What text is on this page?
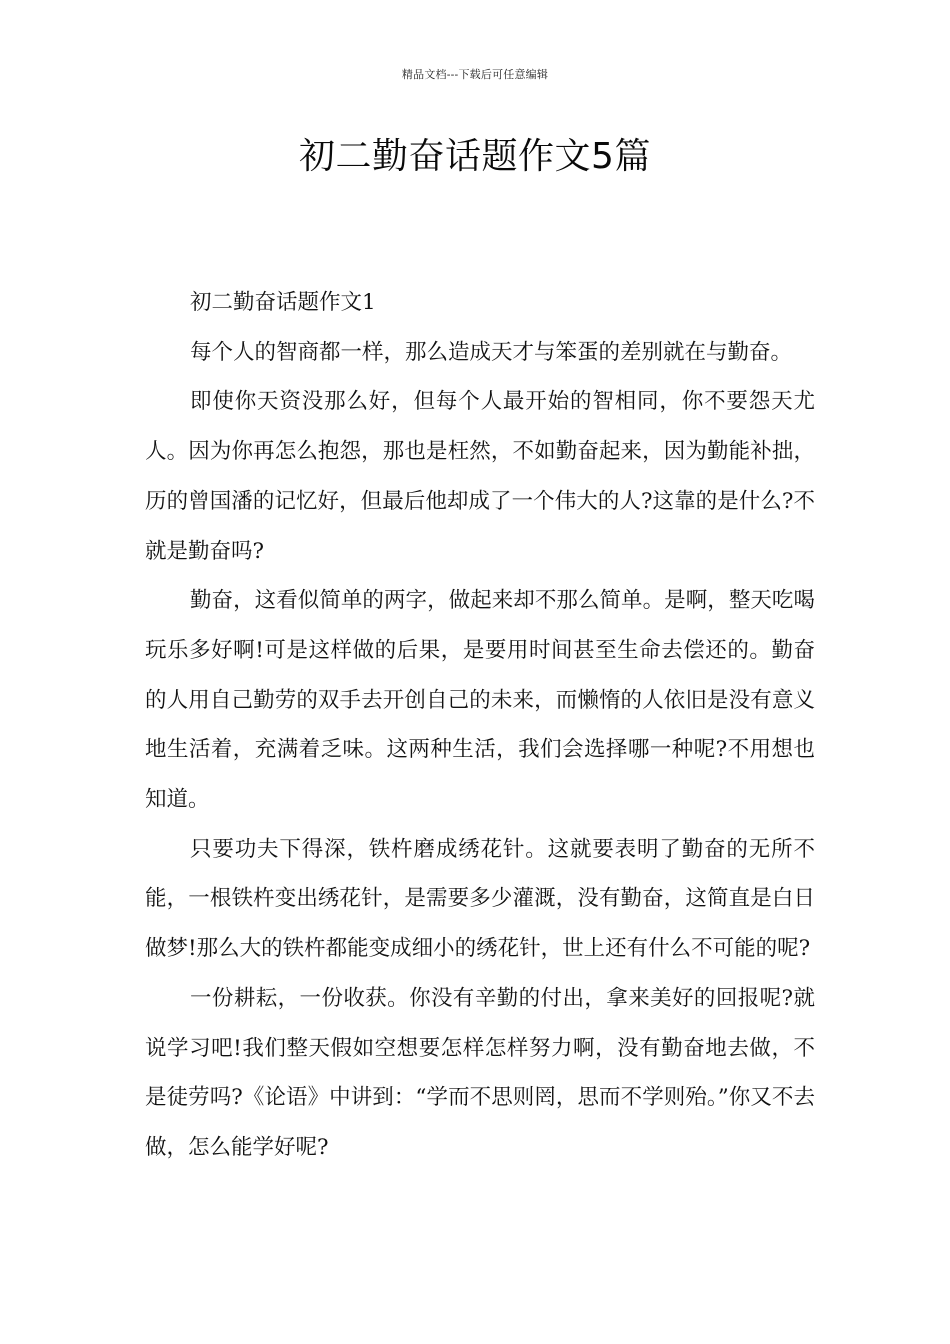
精品文档---下载后可任意编辑
初二勤奋话题作文5篇

初二勤奋话题作文1

每个人的智商都一样，那么造成天才与笨蛋的差别就在与勤奋。

即使你天资没那么好，但每个人最开始的智相同，你不要怨天尤人。因为你再怎么抱怨，那也是枉然，不如勤奋起来，因为勤能补拙，历的曾国潘的记忆好，但最后他却成了一个伟大的人?这靠的是什么?不就是勤奋吗?

勤奋，这看似简单的两字，做起来却不那么简单。是啊，整天吃喝玩乐多好啊!可是这样做的后果，是要用时间甚至生命去偿还的。勤奋的人用自己勤劳的双手去开创自己的未来，而懒惰的人依旧是没有意义地生活着，充满着乏味。这两种生活，我们会选择哪一种呢?不用想也知道。

只要功夫下得深，铁杵磨成绣花针。这就要表明了勤奋的无所不能，一根铁杵变出绣花针，是需要多少灌溉，没有勤奋，这简直是白日做梦!那么大的铁杵都能变成细小的绣花针，世上还有什么不可能的呢?

一份耕耘，一份收获。你没有辛勤的付出，拿来美好的回报呢?就说学习吧!我们整天假如空想要怎样怎样努力啊，没有勤奋地去做，不是徒劳吗?《论语》中讲到：“学而不思则罔，思而不学则殆。”你又不去做，怎么能学好呢?
